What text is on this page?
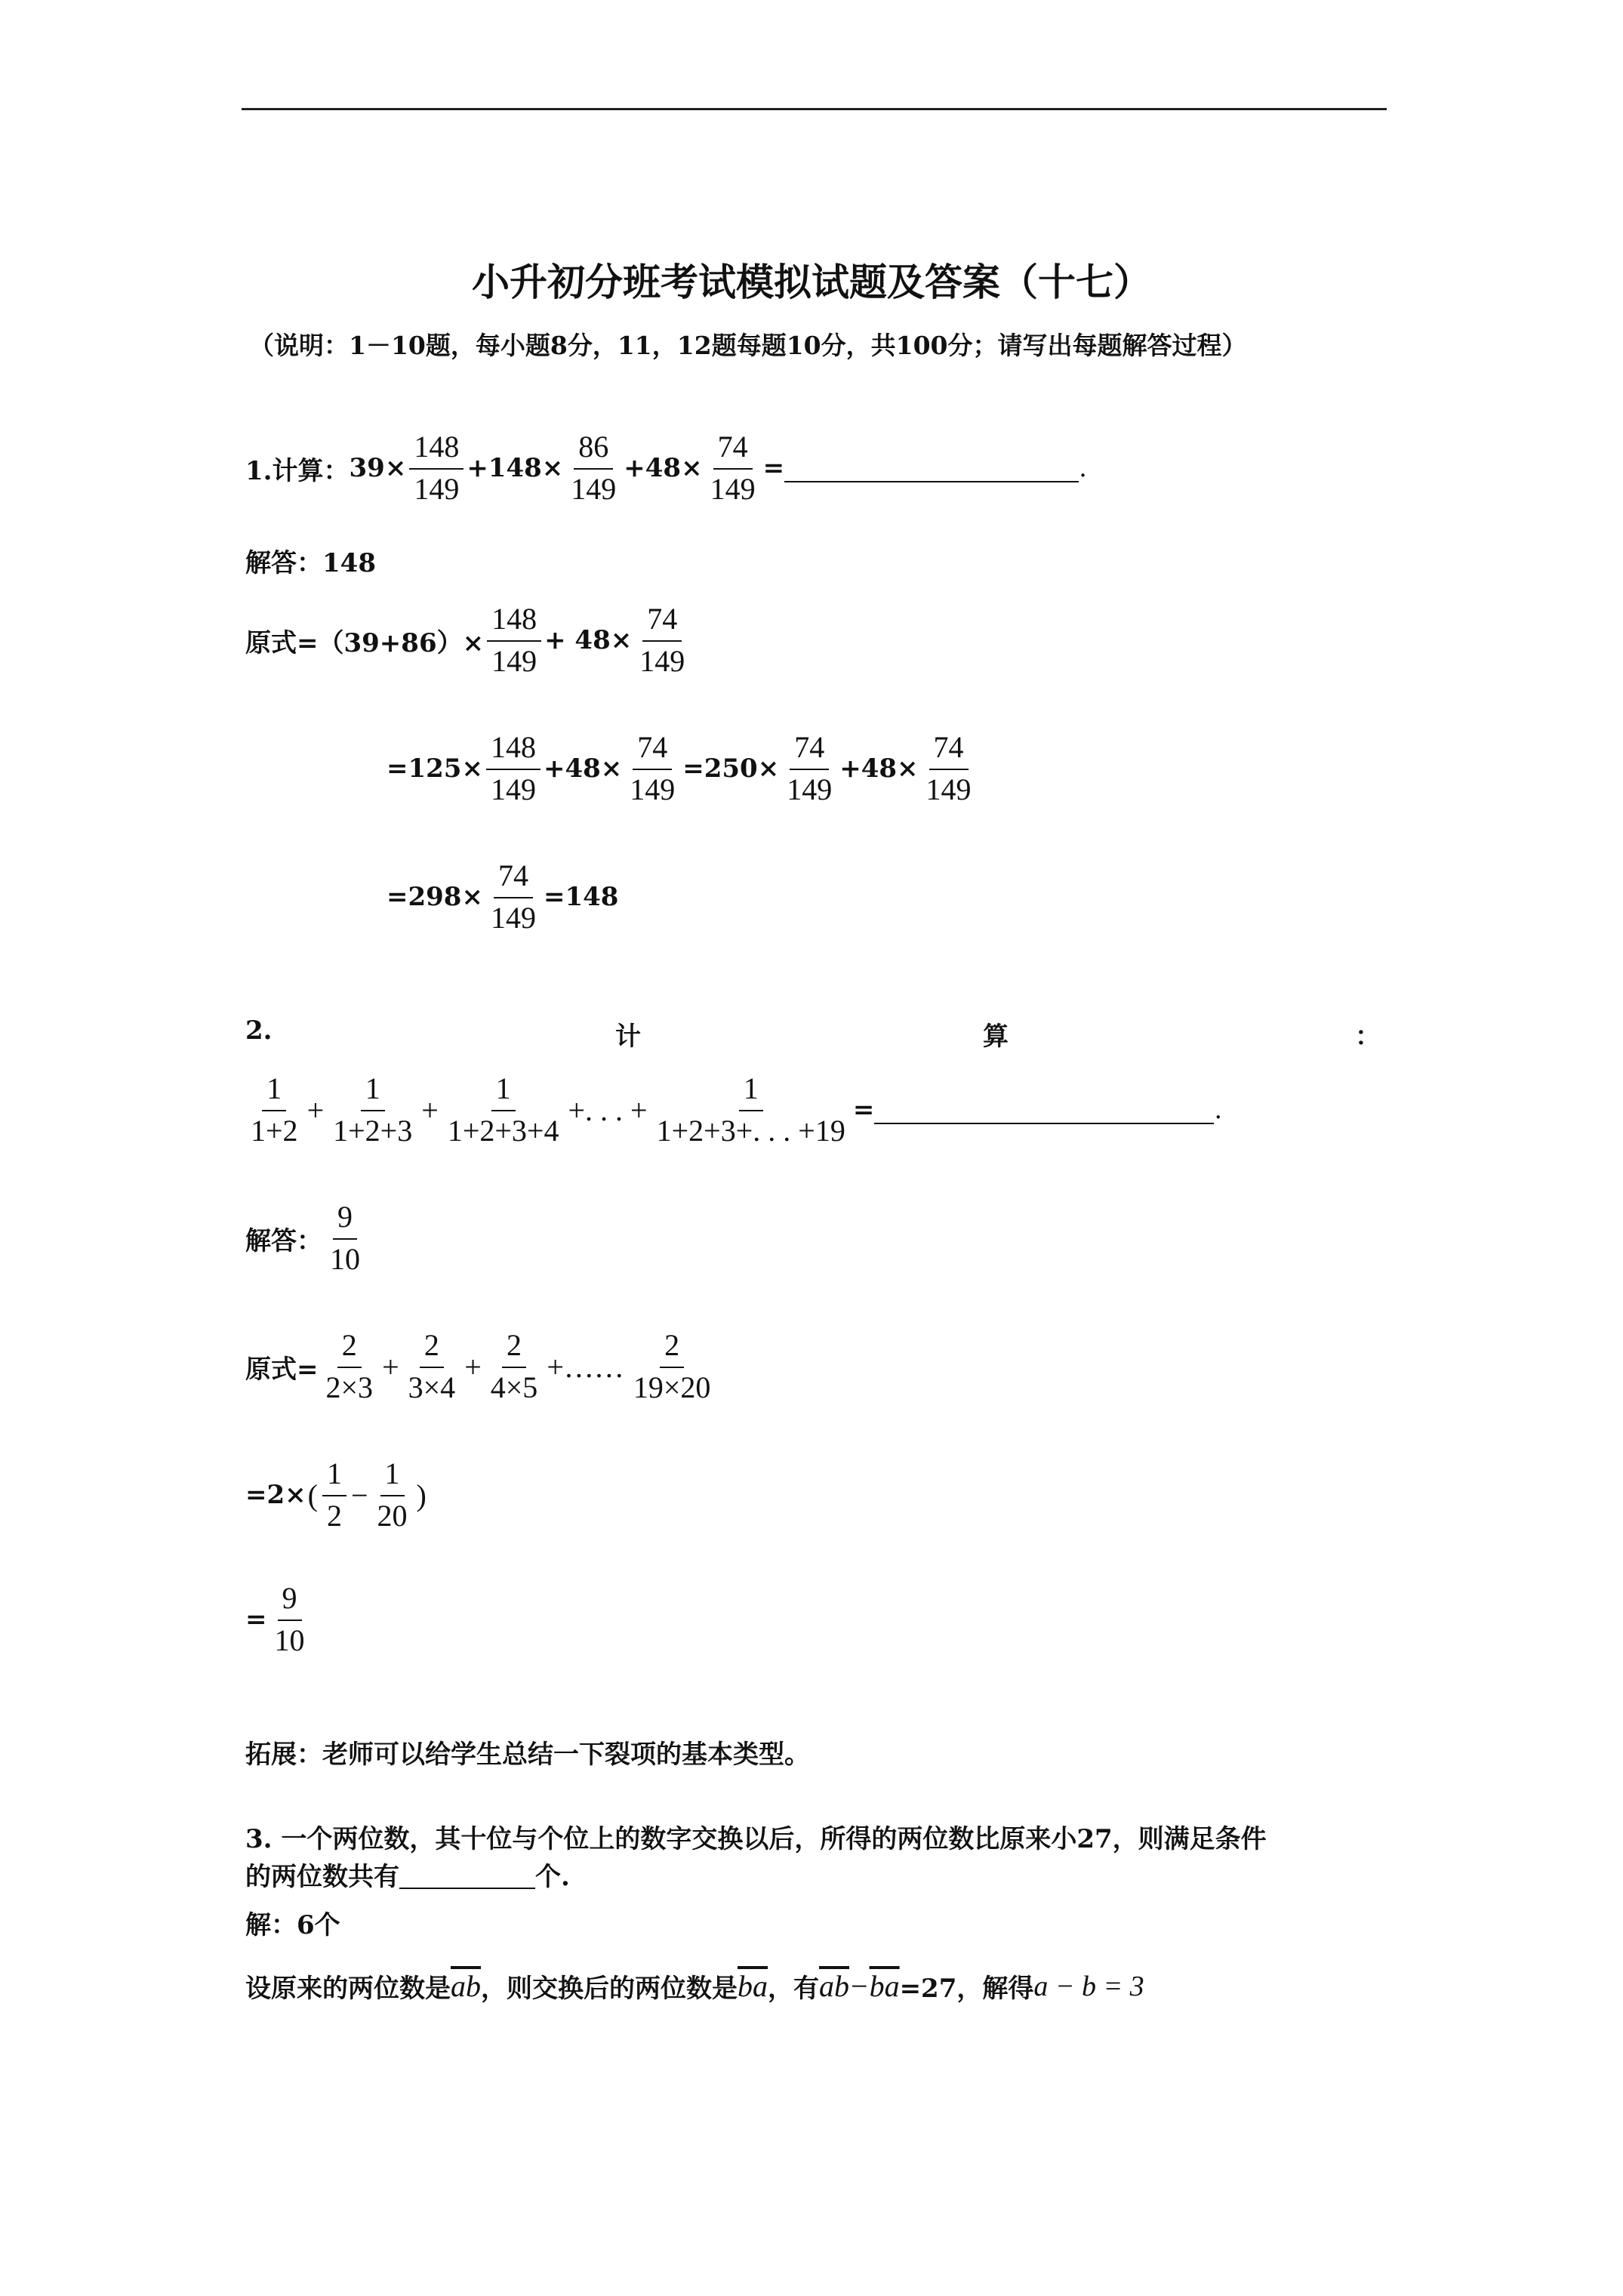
小升初分班考试模拟试题及答案（十七）
（说明：1－10题，每小题8分，11，12题每题10分，共100分；请写出每题解答过程）
1.计算： $39\times \frac{148}{149} +148\times \frac{86}{149} +48\times \frac{74}{149}$ =	.
解答：148
原式$=(39+86)\times \frac{148}{149} + 48\times \frac{74}{149}$
$=125\times \frac{148}{149} +48\times \frac{74}{149} =250\times \frac{74}{149} +48\times \frac{74}{149}$
$=298\times \frac{74}{149} =148$
2.	计	算	：
$\frac{1}{1+2} + \frac{1}{1+2+3} + \frac{1}{1+2+3+4}$ +. . . + $\frac{1}{1+2+3+. . . +19}$ =	.
解答： $\frac{9}{10}$
原式= $\frac{2}{2\times 3} + \frac{2}{3\times 4} + \frac{2}{4\times 5}$ +…… $\frac{2}{19\times 20}$
=2× ( $\frac{1}{2} - \frac{1}{20}$ )
= $\frac{9}{10}$
拓展：老师可以给学生总结一下裂项的基本类型。
3. 一个两位数，其十位与个位上的数字交换以后，所得的两位数比原来小27，则满足条件
的两位数共有	个.
解：6个
设原来的两位数是 $\overline{ab}$ ，则交换后的两位数是 $\overline{ba}$ ，有 $\overline{ab} - \overline{ba} =27$，解得 a − b = 3
